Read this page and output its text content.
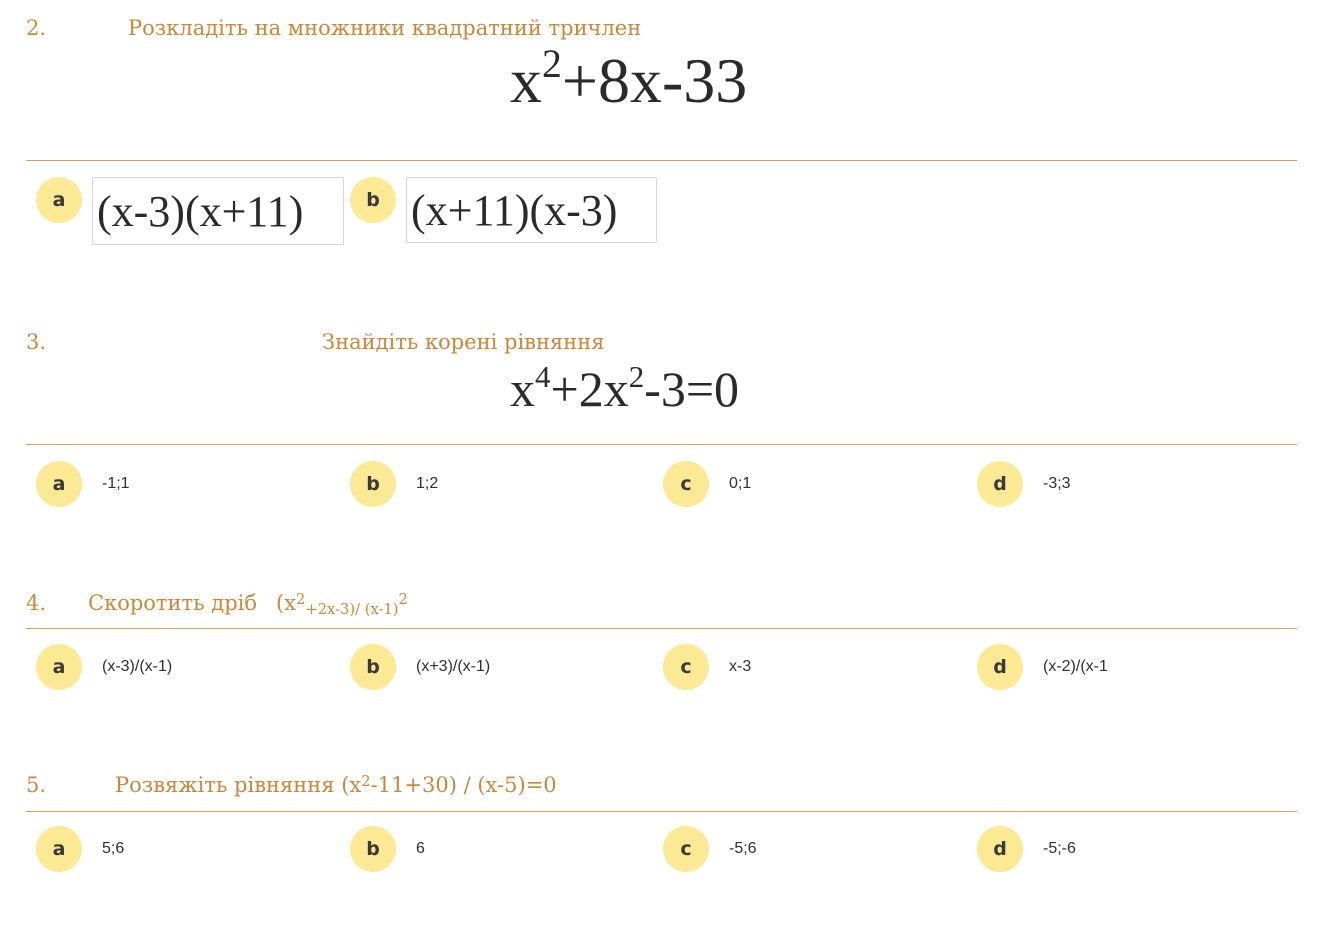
2.	Розкладіть на множники квадратний тричлен
$x^2+8x-33$
a (x-3)(x+11)	b (x+11)(x-3)
3.	Знайдіть корені рівняння
$x^4+2x^2-3=0$
a	-1;1	b	1;2	c	0;1	d	-3;3
4. Скоротить дріб $(x^2+2x-3)/$ $(x-1)^2$
a	(x-3)/(x-1)	b	(x+3)/(x-1)	c	x-3	d	(x-2)/(x-1
5.	Розвяжіть рівняння $(x^2-11+30) / (x-5)=0$
a	5;6	b	6	c	-5;6	d	-5;-6
